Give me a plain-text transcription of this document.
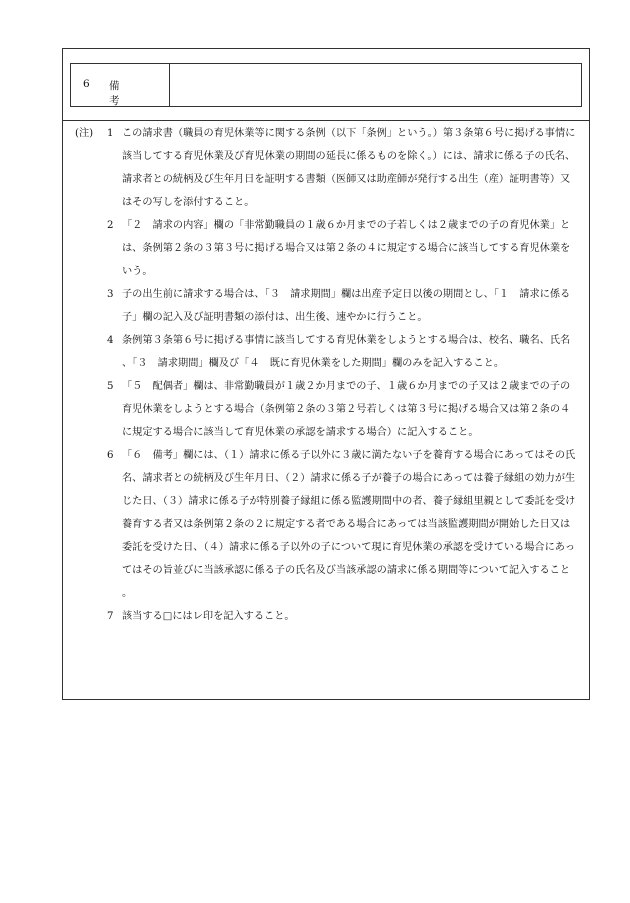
6 備考
(注) 1 この請求書（職員の育児休業等に関する条例（以下「条例」という。）第３条第６号に掲げる事情に該当してする育児休業及び育児休業の期間の延長に係るものを除く。）には、請求に係る子の氏名、請求者との続柄及び生年月日を証明する書類（医師又は助産師が発行する出生（産）証明書等）又はその写しを添付すること。
2 「２　請求の内容」欄の「非常勤職員の１歳６か月までの子若しくは２歳までの子の育児休業」とは、条例第２条の３第３号に掲げる場合又は第２条の４に規定する場合に該当してする育児休業をいう。
3 子の出生前に請求する場合は、「３　請求期間」欄は出産予定日以後の期間とし、「１　請求に係る子」欄の記入及び証明書類の添付は、出生後、速やかに行うこと。
4 条例第３条第６号に掲げる事情に該当してする育児休業をしようとする場合は、校名、職名、氏名、「３　請求期間」欄及び「４　既に育児休業をした期間」欄のみを記入すること。
5 「５　配偶者」欄は、非常勤職員が１歳２か月までの子、１歳６か月までの子又は２歳までの子の育児休業をしようとする場合（条例第２条の３第２号若しくは第３号に掲げる場合又は第２条の４に規定する場合に該当して育児休業の承認を請求する場合）に記入すること。
6 「６　備考」欄には、（１）請求に係る子以外に３歳に満たない子を養育する場合にあってはその氏名、請求者との続柄及び生年月日、（２）請求に係る子が養子の場合にあっては養子縁組の効力が生じた日、（３）請求に係る子が特別養子縁組に係る監護期間中の者、養子縁組里親として委託を受け養育する者又は条例第２条の２に規定する者である場合にあっては当該監護期間が開始した日又は委託を受けた日、（４）請求に係る子以外の子について現に育児休業の承認を受けている場合にあってはその旨並びに当該承認に係る子の氏名及び当該承認の請求に係る期間等について記入すること。
7 該当する□にはレ印を記入すること。
